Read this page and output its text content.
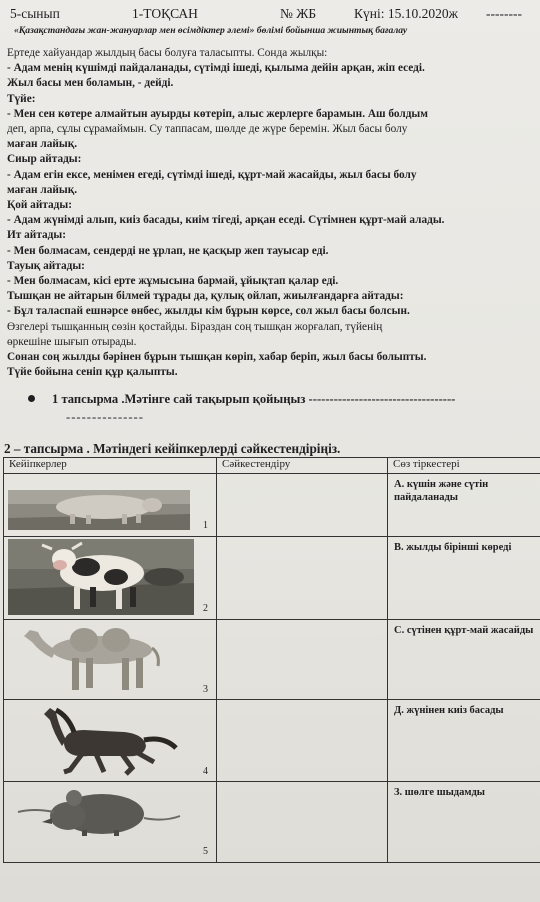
5-сынып	1-ТОҚСАН	№ ЖБ	Күні: 15.10.2020ж --------
«Қазақстандағы жан-жануарлар мен өсімдіктер әлемі» бөлімі бойынша жиынтық бағалау
Ертеде хайуандар жылдың басы болуға таласыпты. Сонда жылқы:
- Адам менің күшімді пайдаланады, сүтімді ішеді, қылыма дейін арқан, жіп еседі.
Жыл басы мен боламын, - дейді.
Түйе:
- Мен сен көтере алмайтын ауырды көтеріп, алыс жерлерге барамын. Аш болдым
деп, арпа, сұлы сұрамаймын. Су таппасам, шөлде де жүре беремін. Жыл басы болу
маған лайық.
Сиыр айтады:
- Адам егін ексе, менімен егеді, сүтімді ішеді, құрт-май жасайды, жыл басы болу
маған лайық.
Қой айтады:
- Адам жүнімді алып, киіз басады, киім тігеді, арқан еседі. Сүтімнен құрт-май алады.
Ит айтады:
- Мен болмасам, сендерді не ұрлап, не қасқыр жеп тауысар еді.
Тауық айтады:
- Мен болмасам, кісі ерте жұмысына бармай, ұйықтап қалар еді.
Тышқан не айтарын білмей тұрады да, қулық ойлап, жиылғандарға айтады:
- Бұл таласпай ешнәрсе өнбес, жылды кім бұрын көрсе, сол жыл басы болсын.
Өзгелері тышқанның сөзін қостайды. Біраздан соң тышқан жорғалап, түйенің
өркешіне шығып отырады.
Сонан соң жылды бәрінен бұрын тышқан көріп, хабар беріп, жыл басы болыпты.
Түйе бойына сеніп құр қалыпты.
1 тапсырма .Мәтінге сай тақырып қойыңыз -----------------------------------
---------------
2 – тапсырма . Мәтіндегі кейіпкерлерді сәйкестендіріңіз.
Кейіпкерлер	Сәйкестендіру	Сөз тіркестері

1		А. күшін және сүтін пайдаланады

2		В. жылды бірінші көреді

3		С. сүтінен құрт-май жасайды

4		Д. жүнінен киіз басады

5		З. шөлге шыдамды
